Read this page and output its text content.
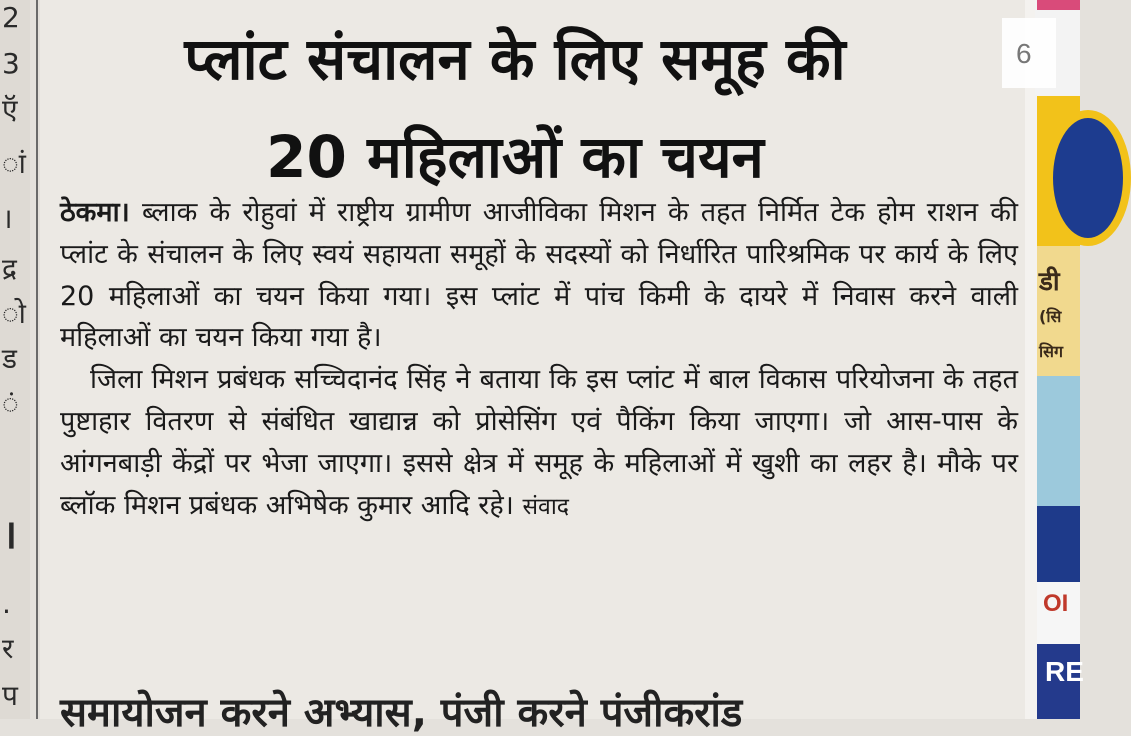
2
3
ऍ
ां
।
द्र
ो
ड
ं
।
.
र
प
प्लांट संचालन के लिए समूह की
20 महिलाओं का चयन

ठेकमा। ब्लाक के रोहुवां में राष्ट्रीय ग्रामीण आजीविका मिशन के तहत निर्मित टेक होम राशन की प्लांट के संचालन के लिए स्वयं सहायता समूहों के सदस्यों को निर्धारित पारिश्रमिक पर कार्य के लिए 20 महिलाओं का चयन किया गया। इस प्लांट में पांच किमी के दायरे में निवास करने वाली महिलाओं का चयन किया गया है।

जिला मिशन प्रबंधक सच्चिदानंद सिंह ने बताया कि इस प्लांट में बाल विकास परियोजना के तहत पुष्टाहार वितरण से संबंधित खाद्यान्न को प्रोसेसिंग एवं पैकिंग किया जाएगा। जो आस-पास के आंगनबाड़ी केंद्रों पर भेजा जाएगा। इससे क्षेत्र में समूह के महिलाओं में खुशी का लहर है। मौके पर ब्लॉक मिशन प्रबंधक अभिषेक कुमार आदि रहे। संवाद

समायोजन करने अभ्यास, पंजी करने पंजीकरांड
डी
(सि
सिग
OI
RE
6
